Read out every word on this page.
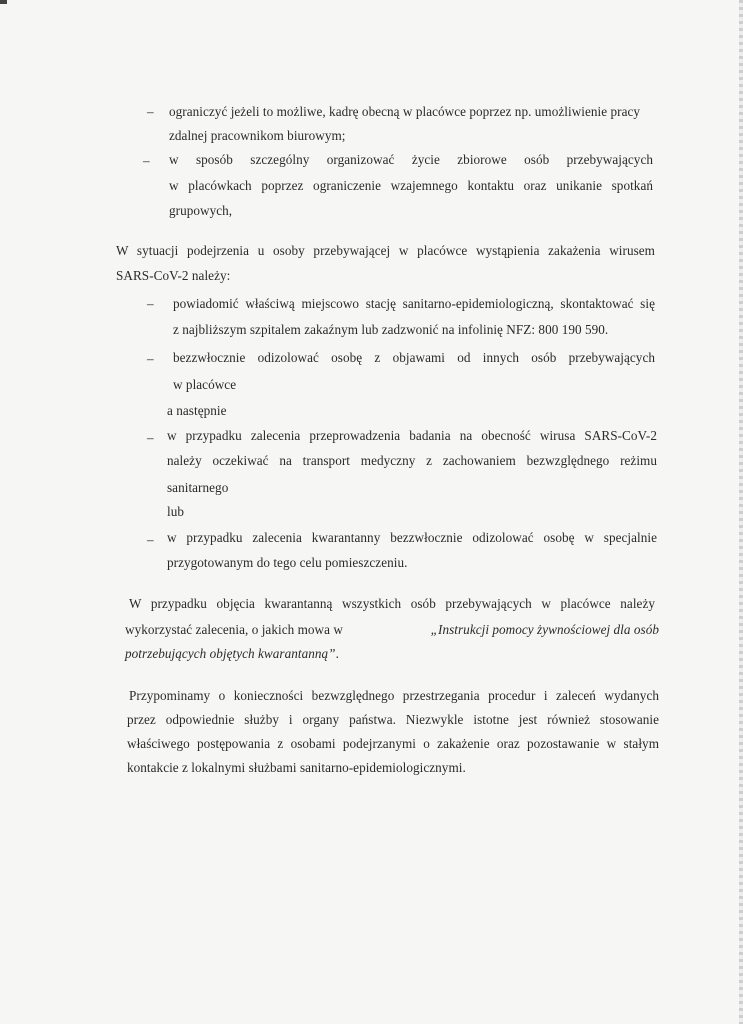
– ograniczyć jeżeli to możliwe, kadrę obecną w placówce poprzez np. umożliwienie pracy
zdalnej pracownikom biurowym;
– w sposób szczególny organizować życie zbiorowe osób przebywających
w placówkach poprzez ograniczenie wzajemnego kontaktu oraz unikanie spotkań
grupowych,
W sytuacji podejrzenia u osoby przebywającej w placówce wystąpienia zakażenia wirusem
SARS-CoV-2 należy:
– powiadomić właściwą miejscowo stację sanitarno-epidemiologiczną, skontaktować się
z najbliższym szpitalem zakaźnym lub zadzwonić na infolinię NFZ: 800 190 590.
– bezzwłocznie odizolować osobę z objawami od innych osób przebywających
w placówce
a następnie
– w przypadku zalecenia przeprowadzenia badania na obecność wirusa SARS-CoV-2
należy oczekiwać na transport medyczny z zachowaniem bezwzględnego reżimu
sanitarnego
lub
– w przypadku zalecenia kwarantanny bezzwłocznie odizolować osobę w specjalnie
przygotowanym do tego celu pomieszczeniu.
W przypadku objęcia kwarantanną wszystkich osób przebywających w placówce należy
wykorzystać zaleceniа, o jakich mowa w	„Instrukcji pomocy żywnościowej dla osób
potrzebujących objętych kwarantanną”.
Przypominamy o konieczności bezwzględnego przestrzegania procedur i zaleceń wydanych
przez odpowiednie służby i organy państwa. Niezwykle istotne jest również stosowanie
właściwego postępowania z osobami podejrzanymi o zakażenie oraz pozostawanie w stałym
kontakcie z lokalnymi służbami sanitarno-epidemiologicznymi.
